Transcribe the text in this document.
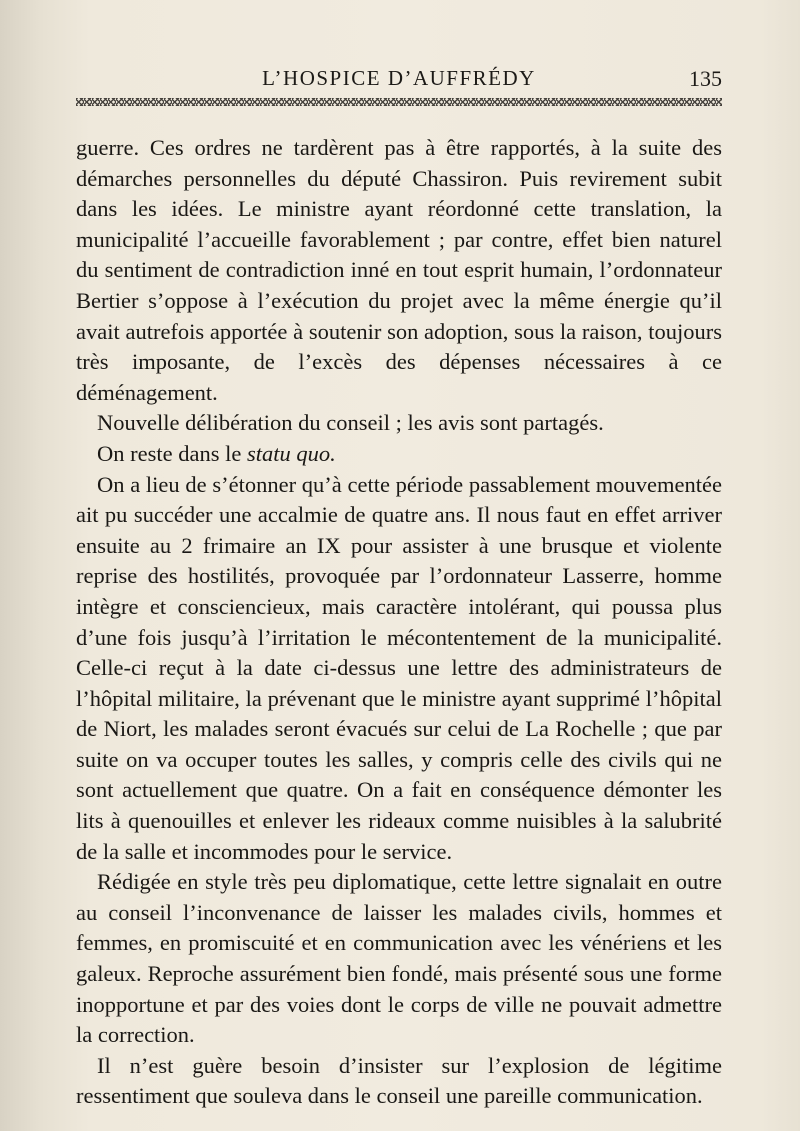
L’HOSPICE D’AUFFRÉDY	135

guerre. Ces ordres ne tardèrent pas à être rapportés, à la suite des démarches personnelles du député Chassiron. Puis revirement subit dans les idées. Le ministre ayant réordonné cette translation, la municipalité l’accueille favorablement ; par contre, effet bien naturel du sentiment de contradiction inné en tout esprit humain, l’ordonnateur Bertier s’oppose à l’exécution du projet avec la même énergie qu’il avait autrefois apportée à soutenir son adoption, sous la raison, toujours très imposante, de l’excès des dépenses nécessaires à ce déménagement.

Nouvelle délibération du conseil ; les avis sont partagés.

On reste dans le statu quo.

On a lieu de s’étonner qu’à cette période passablement mouvementée ait pu succéder une accalmie de quatre ans. Il nous faut en effet arriver ensuite au 2 frimaire an IX pour assister à une brusque et violente reprise des hostilités, provoquée par l’ordonnateur Lasserre, homme intègre et consciencieux, mais caractère intolérant, qui poussa plus d’une fois jusqu’à l’irritation le mécontentement de la municipalité. Celle-ci reçut à la date ci-dessus une lettre des administrateurs de l’hôpital militaire, la prévenant que le ministre ayant supprimé l’hôpital de Niort, les malades seront évacués sur celui de La Rochelle ; que par suite on va occuper toutes les salles, y compris celle des civils qui ne sont actuellement que quatre. On a fait en conséquence démonter les lits à quenouilles et enlever les rideaux comme nuisibles à la salubrité de la salle et incommodes pour le service.

Rédigée en style très peu diplomatique, cette lettre signalait en outre au conseil l’inconvenance de laisser les malades civils, hommes et femmes, en promiscuité et en communication avec les vénériens et les galeux. Reproche assurément bien fondé, mais présenté sous une forme inopportune et par des voies dont le corps de ville ne pouvait admettre la correction.

Il n’est guère besoin d’insister sur l’explosion de légitime ressentiment que souleva dans le conseil une pareille communication.
